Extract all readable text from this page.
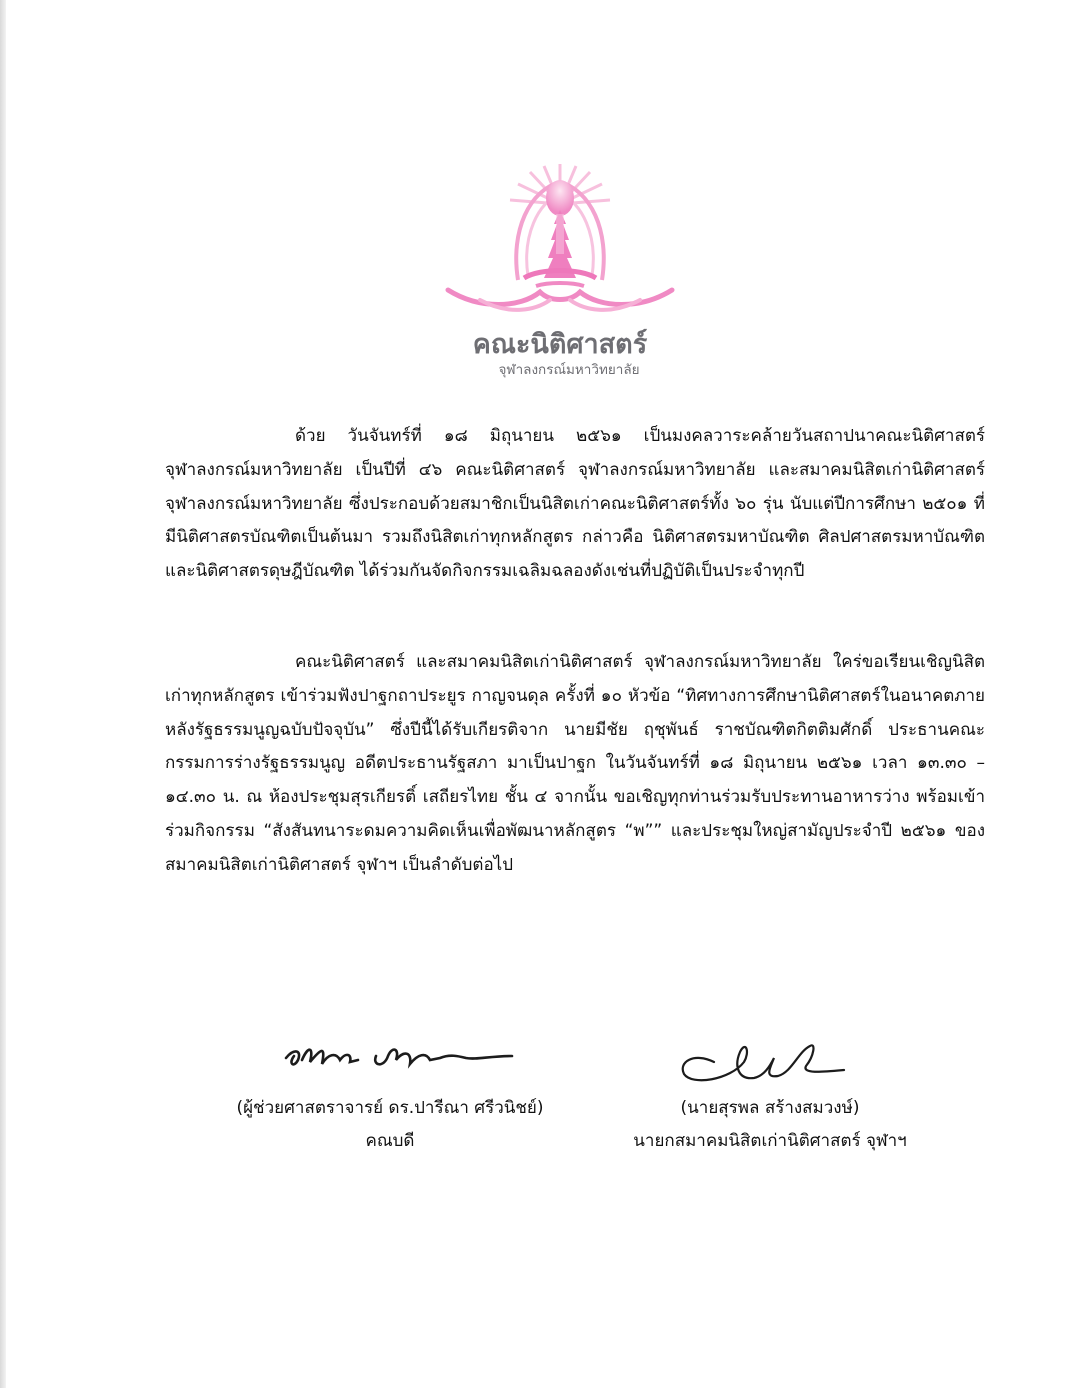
คณะนิติศาสตร์
จุฬาลงกรณ์มหาวิทยาลัย

ด้วย วันจันทร์ที่ ๑๘ มิถุนายน ๒๕๖๑ เป็นมงคลวาระคล้ายวันสถาปนาคณะนิติศาสตร์ จุฬาลงกรณ์มหาวิทยาลัย เป็นปีที่ ๔๖ คณะนิติศาสตร์ จุฬาลงกรณ์มหาวิทยาลัย และสมาคมนิสิตเก่านิติศาสตร์ จุฬาลงกรณ์มหาวิทยาลัย ซึ่งประกอบด้วยสมาชิกเป็นนิสิตเก่าคณะนิติศาสตร์ทั้ง ๖๐ รุ่น นับแต่ปีการศึกษา ๒๕๐๑ ที่มีนิติศาสตรบัณฑิตเป็นต้นมา รวมถึงนิสิตเก่าทุกหลักสูตร กล่าวคือ นิติศาสตรมหาบัณฑิต ศิลปศาสตรมหาบัณฑิต และนิติศาสตรดุษฎีบัณฑิต ได้ร่วมกันจัดกิจกรรมเฉลิมฉลองดังเช่นที่ปฏิบัติเป็นประจำทุกปี

คณะนิติศาสตร์ และสมาคมนิสิตเก่านิติศาสตร์ จุฬาลงกรณ์มหาวิทยาลัย ใคร่ขอเรียนเชิญนิสิตเก่าทุกหลักสูตร เข้าร่วมฟังปาฐกถาประยูร กาญจนดุล ครั้งที่ ๑๐ หัวข้อ “ทิศทางการศึกษานิติศาสตร์ในอนาคตภายหลังรัฐธรรมนูญฉบับปัจจุบัน” ซึ่งปีนี้ได้รับเกียรติจาก นายมีชัย ฤชุพันธ์ ราชบัณฑิตกิตติมศักดิ์ ประธานคณะกรรมการร่างรัฐธรรมนูญ อดีตประธานรัฐสภา มาเป็นปาฐก ในวันจันทร์ที่ ๑๘ มิถุนายน ๒๕๖๑ เวลา ๑๓.๓๐ – ๑๔.๓๐ น. ณ ห้องประชุมสุรเกียรติ์ เสถียรไทย ชั้น ๔ จากนั้น ขอเชิญทุกท่านร่วมรับประทานอาหารว่าง พร้อมเข้าร่วมกิจกรรม “สังสันทนาระดมความคิดเห็นเพื่อพัฒนาหลักสูตร “พ”” และประชุมใหญ่สามัญประจำปี ๒๕๖๑ ของสมาคมนิสิตเก่านิติศาสตร์ จุฬาฯ เป็นลำดับต่อไป

(ผู้ช่วยศาสตราจารย์ ดร.ปารีณา ศรีวนิชย์)
คณบดี
(นายสุรพล สร้างสมวงษ์)
นายกสมาคมนิสิตเก่านิติศาสตร์ จุฬาฯ
